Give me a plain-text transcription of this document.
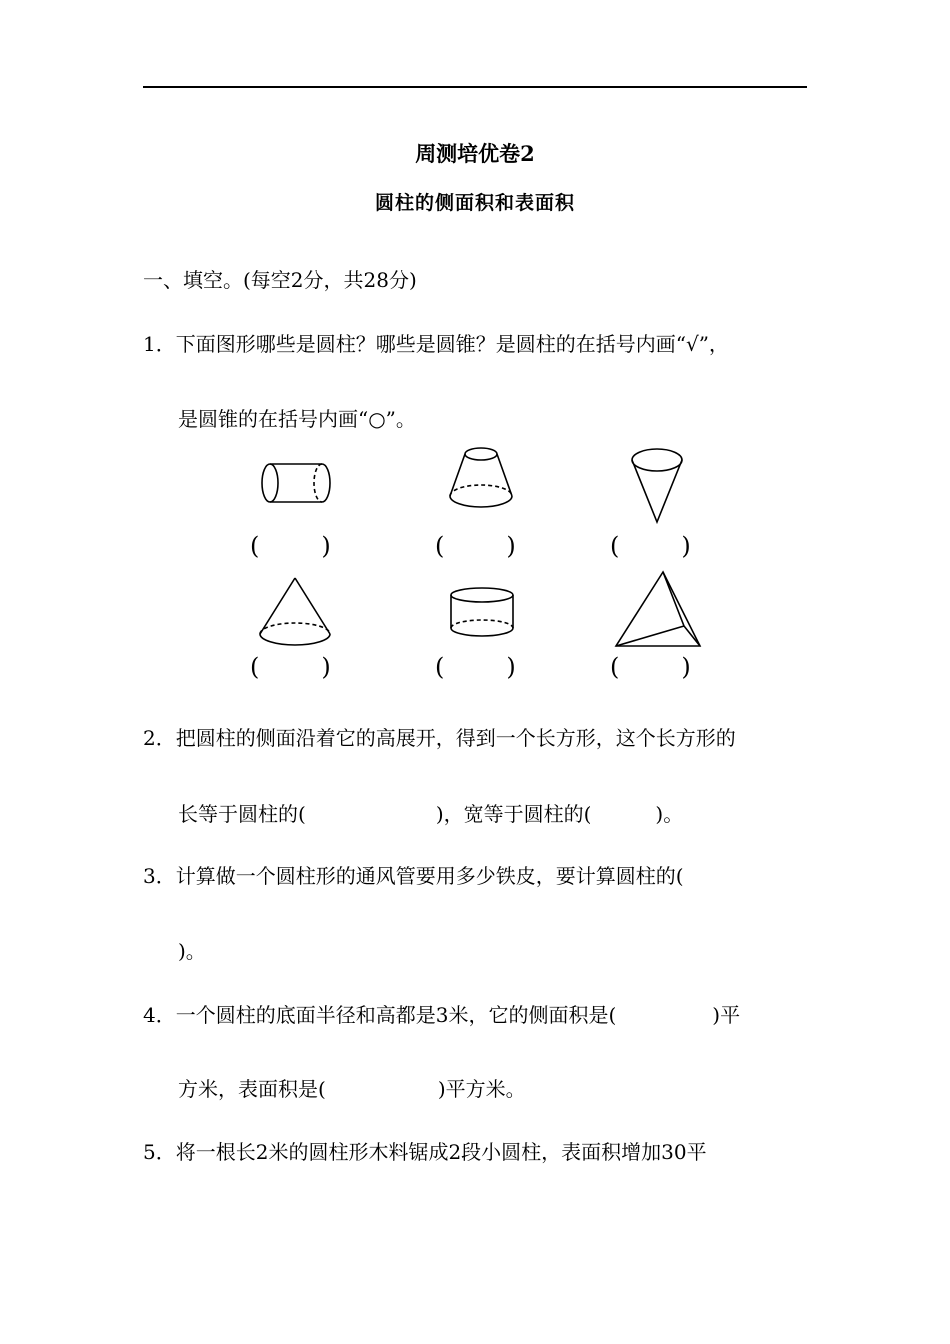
周测培优卷2
圆柱的侧面积和表面积
一、填空。(每空2分，共28分)
1．下面图形哪些是圆柱？哪些是圆锥？是圆柱的在括号内画“√”，
是圆锥的在括号内画“○”。
(	)	(	)	(	)
(	)	(	)	(	)
2．把圆柱的侧面沿着它的高展开，得到一个长方形，这个长方形的
长等于圆柱的(	)，宽等于圆柱的(	)。
3．计算做一个圆柱形的通风管要用多少铁皮，要计算圆柱的(
)。
4．一个圆柱的底面半径和高都是3米，它的侧面积是(	)平
方米，表面积是(	)平方米。
5．将一根长2米的圆柱形木料锯成2段小圆柱，表面积增加30平
